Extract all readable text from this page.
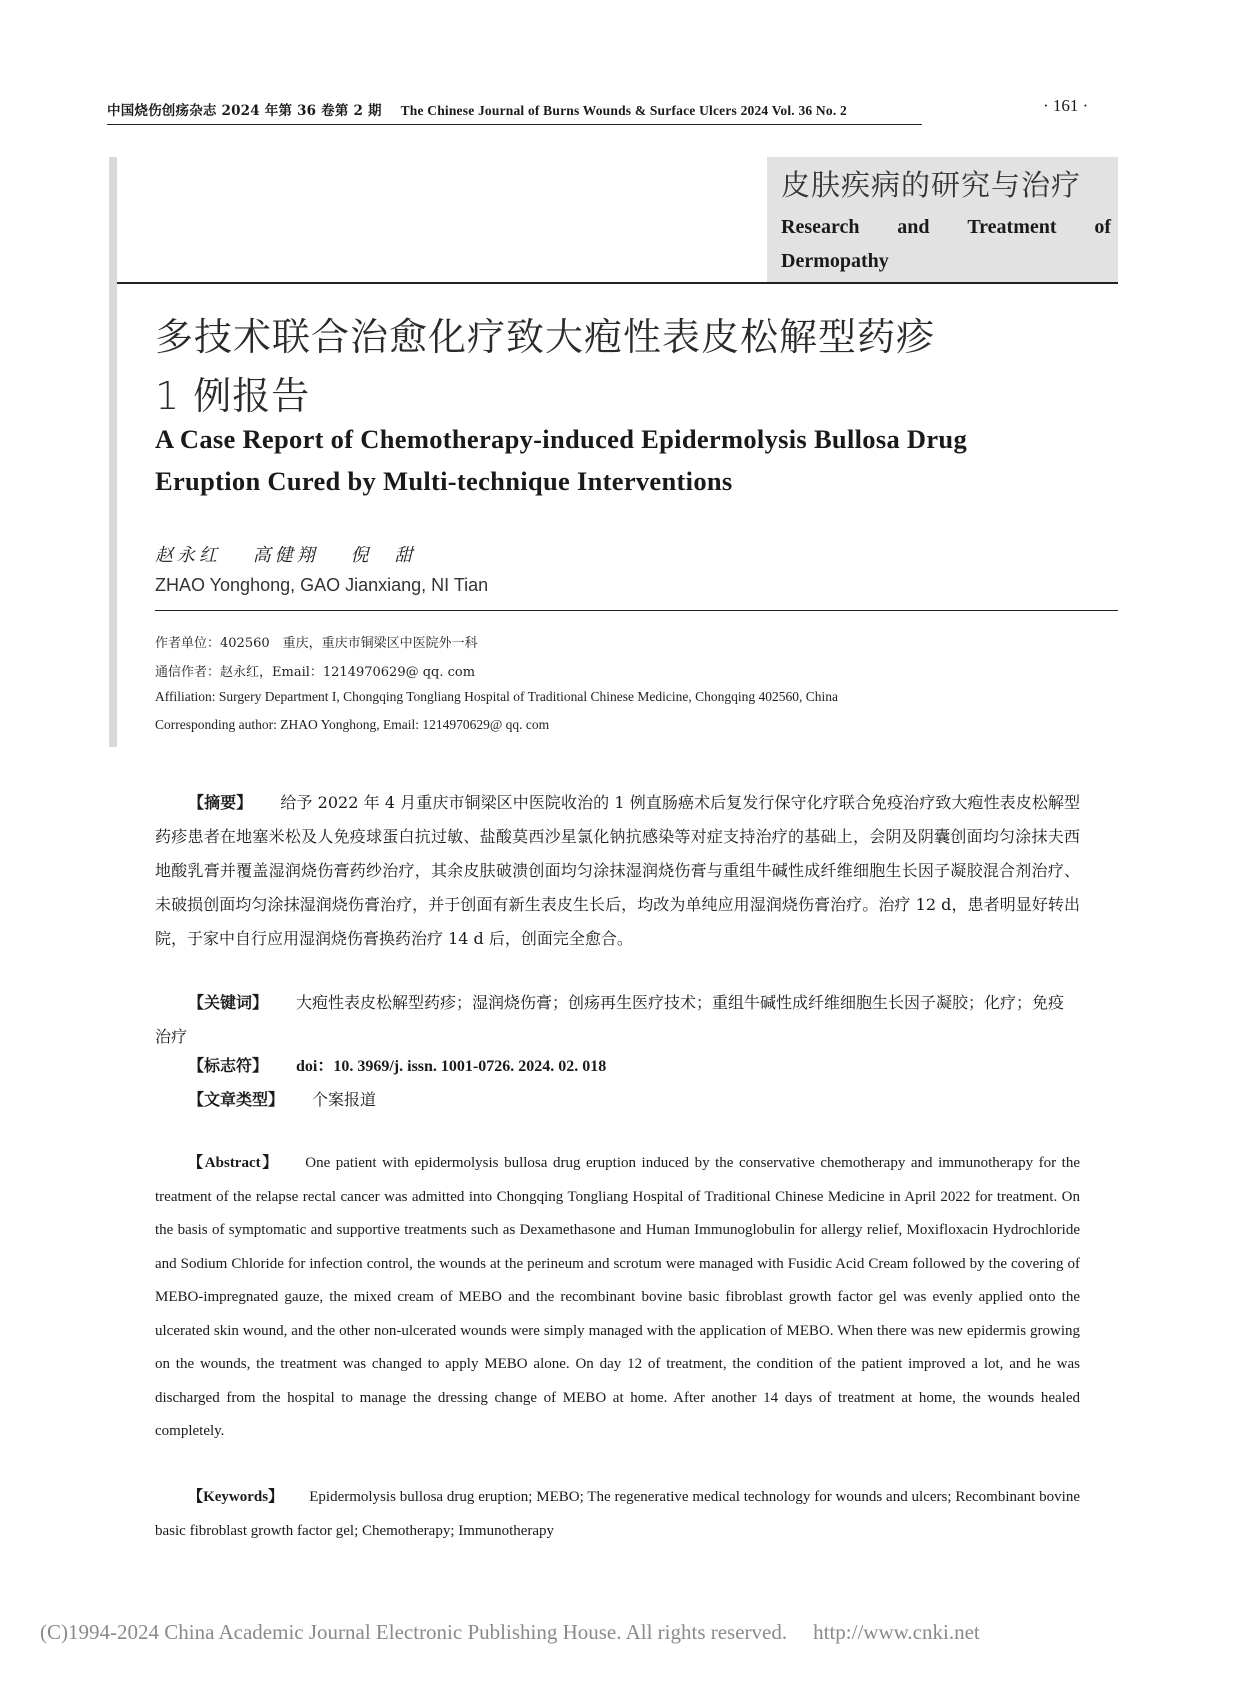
中国烧伤创疡杂志 2024 年第 36 卷第 2 期 The Chinese Journal of Burns Wounds & Surface Ulcers 2024 Vol. 36 No. 2	· 161 ·
皮肤疾病的研究与治疗
Research and Treatment of
Dermopathy
多技术联合治愈化疗致大疱性表皮松解型药疹
1 例报告
A Case Report of Chemotherapy-induced Epidermolysis Bullosa Drug
Eruption Cured by Multi-technique Interventions
赵永红 高健翔 倪　甜
ZHAO Yonghong, GAO Jianxiang, NI Tian
作者单位：402560　重庆，重庆市铜梁区中医院外一科
通信作者：赵永红，Email：1214970629@ qq. com
Affiliation: Surgery Department I, Chongqing Tongliang Hospital of Traditional Chinese Medicine, Chongqing 402560, China
Corresponding author: ZHAO Yonghong, Email: 1214970629@ qq. com
【摘要】 给予 2022 年 4 月重庆市铜梁区中医院收治的 1 例直肠癌术后复发行保守化疗联合免疫治疗致大疱性表皮松解型药疹患者在地塞米松及人免疫球蛋白抗过敏、盐酸莫西沙星氯化钠抗感染等对症支持治疗的基础上，会阴及阴囊创面均匀涂抹夫西地酸乳膏并覆盖湿润烧伤膏药纱治疗，其余皮肤破溃创面均匀涂抹湿润烧伤膏与重组牛碱性成纤维细胞生长因子凝胶混合剂治疗、未破损创面均匀涂抹湿润烧伤膏治疗，并于创面有新生表皮生长后，均改为单纯应用湿润烧伤膏治疗。治疗 12 d，患者明显好转出院，于家中自行应用湿润烧伤膏换药治疗 14 d 后，创面完全愈合。
【关键词】 大疱性表皮松解型药疹；湿润烧伤膏；创疡再生医疗技术；重组牛碱性成纤维细胞生长因子凝胶；化疗；免疫治疗
【标志符】 doi：10. 3969/j. issn. 1001-0726. 2024. 02. 018
【文章类型】 个案报道
【Abstract】 One patient with epidermolysis bullosa drug eruption induced by the conservative chemotherapy and immunotherapy for the treatment of the relapse rectal cancer was admitted into Chongqing Tongliang Hospital of Traditional Chinese Medicine in April 2022 for treatment. On the basis of symptomatic and supportive treatments such as Dexamethasone and Human Immunoglobulin for allergy relief, Moxifloxacin Hydrochloride and Sodium Chloride for infection control, the wounds at the perineum and scrotum were managed with Fusidic Acid Cream followed by the covering of MEBO-impregnated gauze, the mixed cream of MEBO and the recombinant bovine basic fibroblast growth factor gel was evenly applied onto the ulcerated skin wound, and the other non-ulcerated wounds were simply managed with the application of MEBO. When there was new epidermis growing on the wounds, the treatment was changed to apply MEBO alone. On day 12 of treatment, the condition of the patient improved a lot, and he was discharged from the hospital to manage the dressing change of MEBO at home. After another 14 days of treatment at home, the wounds healed completely.
【Keywords】 Epidermolysis bullosa drug eruption; MEBO; The regenerative medical technology for wounds and ulcers; Recombinant bovine basic fibroblast growth factor gel; Chemotherapy; Immunotherapy
(C)1994-2024 China Academic Journal Electronic Publishing House. All rights reserved. http://www.cnki.net
